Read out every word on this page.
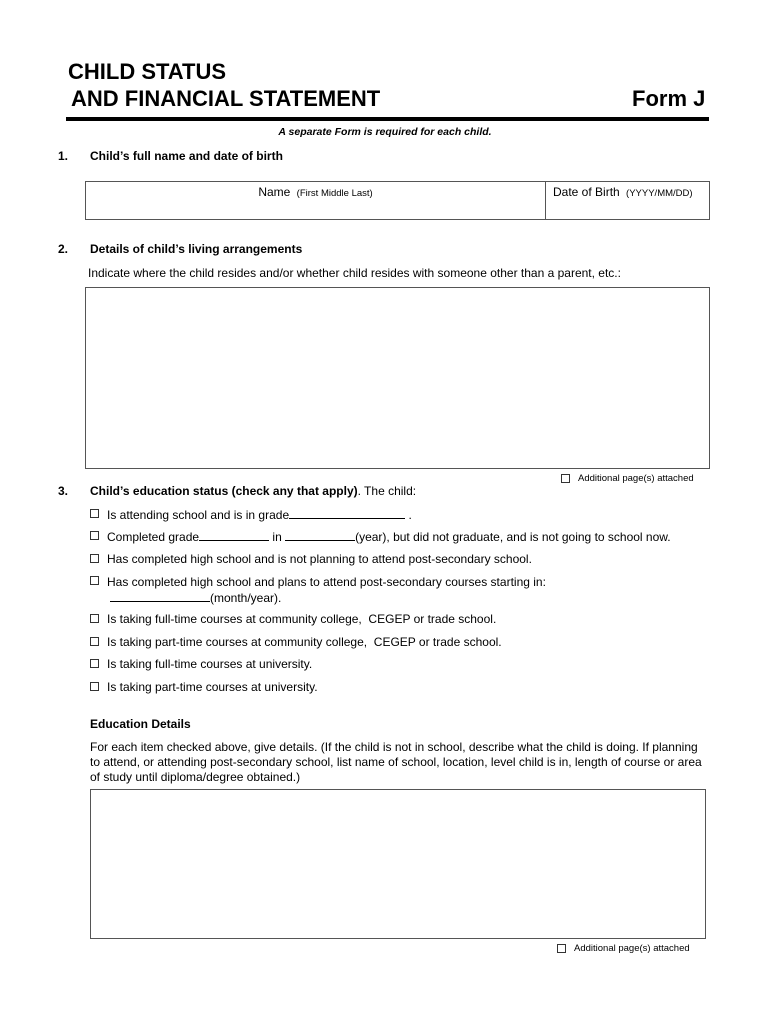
CHILD STATUS
AND FINANCIAL STATEMENT	Form J
A separate Form is required for each child.
1. Child’s full name and date of birth
Name (First Middle Last)	Date of Birth (YYYY/MM/DD)
2. Details of child’s living arrangements
Indicate where the child resides and/or whether child resides with someone other than a parent, etc.:
Additional page(s) attached
3. Child’s education status (check any that apply). The child:
Is attending school and is in grade	.
Completed grade	in	(year), but did not graduate, and is not going to school now.
Has completed high school and is not planning to attend post-secondary school.
Has completed high school and plans to attend post-secondary courses starting in:
(month/year).
Is taking full-time courses at community college,  CEGEP or trade school.
Is taking part-time courses at community college,  CEGEP or trade school.
Is taking full-time courses at university.
Is taking part-time courses at university.
Education Details
For each item checked above, give details. (If the child is not in school, describe what the child is doing. If planning to attend, or attending post-secondary school, list name of school, location, level child is in, length of course or area of study until diploma/degree obtained.)
Additional page(s) attached
